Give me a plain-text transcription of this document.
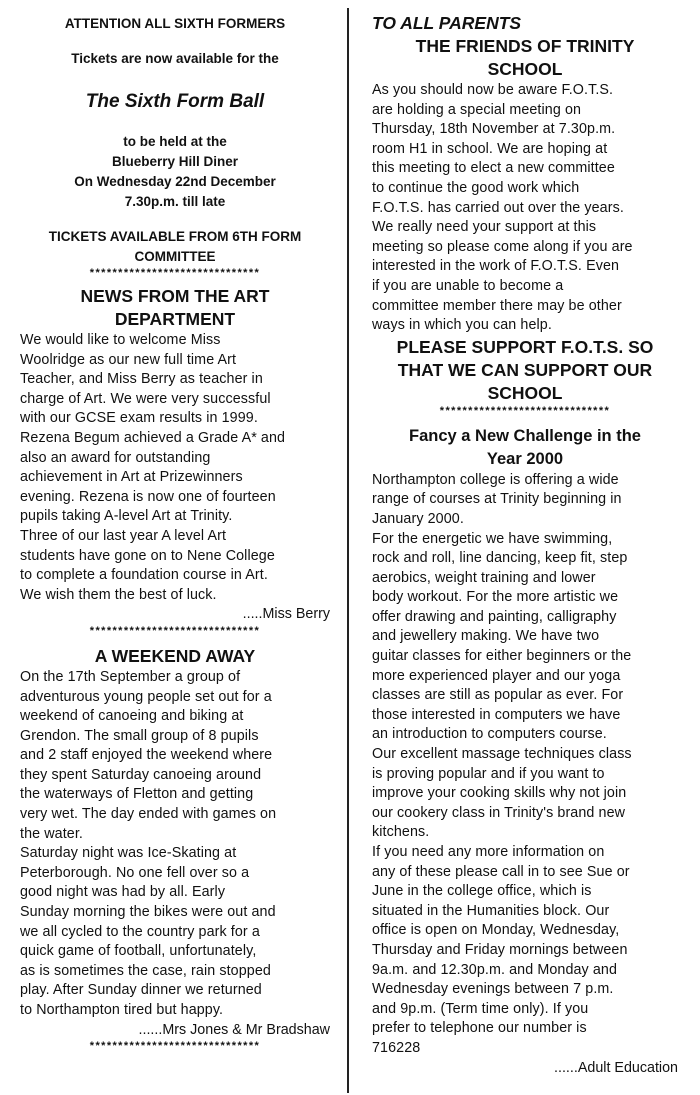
ATTENTION ALL SIXTH FORMERS
Tickets are now available for the
The Sixth Form Ball
to be held at the
Blueberry Hill Diner
On Wednesday 22nd December
7.30p.m. till late
TICKETS AVAILABLE FROM 6TH FORM
COMMITTEE
******************************
NEWS FROM THE ART
DEPARTMENT

We would like to welcome Miss

Woolridge as our new full time Art

Teacher, and Miss Berry as teacher in

charge of Art. We were very successful

with our GCSE exam results in 1999.

Rezena Begum achieved a Grade A* and

also an award for outstanding

achievement in Art at Prizewinners

evening. Rezena is now one of fourteen

pupils taking A-level Art at Trinity.

Three of our last year A level Art

students have gone on to Nene College

to complete a foundation course in Art.

We wish them the best of luck.

.....Miss Berry
******************************
A WEEKEND AWAY

On the 17th September a group of

adventurous young people set out for a

weekend of canoeing and biking at

Grendon. The small group of 8 pupils

and 2 staff enjoyed the weekend where

they spent Saturday canoeing around

the waterways of Fletton and getting

very wet. The day ended with games on

the water.

Saturday night was Ice-Skating at

Peterborough. No one fell over so a

good night was had by all. Early

Sunday morning the bikes were out and

we all cycled to the country park for a

quick game of football, unfortunately,

as is sometimes the case, rain stopped

play. After Sunday dinner we returned

to Northampton tired but happy.

......Mrs Jones & Mr Bradshaw
******************************
TO ALL PARENTS
THE FRIENDS OF TRINITY
SCHOOL

As you should now be aware F.O.T.S.

are holding a special meeting on

Thursday, 18th November at 7.30p.m.

room H1 in school. We are hoping at

this meeting to elect a new committee

to continue the good work which

F.O.T.S. has carried out over the years.

We really need your support at this

meeting so please come along if you are

interested in the work of F.O.T.S. Even

if you are unable to become a

committee member there may be other

ways in which you can help.

PLEASE SUPPORT F.O.T.S. SO
THAT WE CAN SUPPORT OUR
SCHOOL
******************************
Fancy a New Challenge in the
Year 2000

Northampton college is offering a wide

range of courses at Trinity beginning in

January 2000.

For the energetic we have swimming,

rock and roll, line dancing, keep fit, step

aerobics, weight training and lower

body workout. For the more artistic we

offer drawing and painting, calligraphy

and jewellery making. We have two

guitar classes for either beginners or the

more experienced player and our yoga

classes are still as popular as ever. For

those interested in computers we have

an introduction to computers course.

Our excellent massage techniques class

is proving popular and if you want to

improve your cooking skills why not join

our cookery class in Trinity's brand new

kitchens.

If you need any more information on

any of these please call in to see Sue or

June in the college office, which is

situated in the Humanities block. Our

office is open on Monday, Wednesday,

Thursday and Friday mornings between

9a.m. and 12.30p.m. and Monday and

Wednesday evenings between 7 p.m.

and 9p.m. (Term time only). If you

prefer to telephone our number is

716228

......Adult Education
